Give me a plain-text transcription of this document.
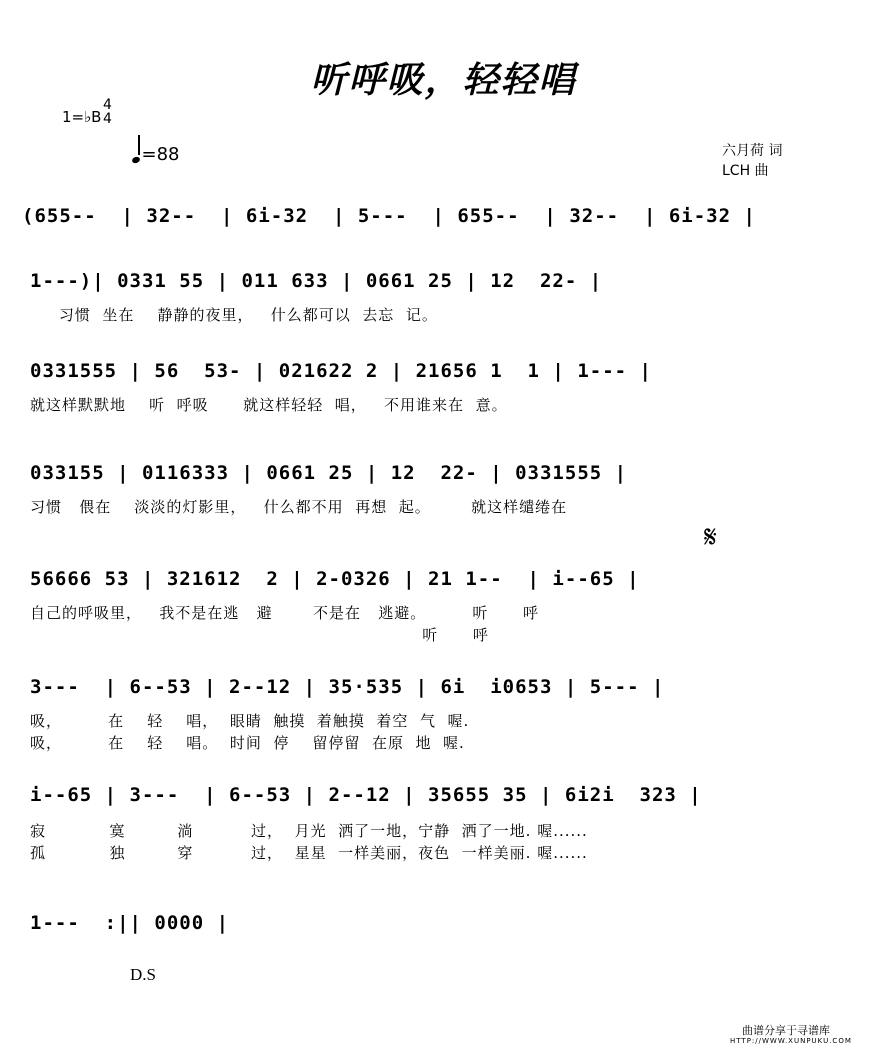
听呼吸，轻轻唱
1=♭B
4
4
=88	六月荷 词
LCH 曲
(655--  | 32--  | 6i-32  | 5---  | 655--  | 32--  | 6i-32 |
1---)| 0331 55 | 011 633 | 0661 25 | 12  22- |
习惯  坐在    静静的夜里，   什么都可以  去忘  记。
0331555 | 56  53- | 021622 2 | 21656 1  1 | 1--- |
就这样默默地    听  呼吸      就这样轻轻  唱，   不用谁来在  意。
033155 | 0116333 | 0661 25 | 12  22- | 0331555 |
习惯   偎在    淡淡的灯影里，   什么都不用  再想  起。       就这样缱绻在
𝄋
56666 53 | 321612  2 | 2-0326 | 21 1--  | i--65 |
自己的呼吸里，   我不是在逃   避       不是在   逃避。        听      呼
听      呼
3---  | 6--53 | 2--12 | 35·535 | 6i  i0653 | 5--- |
吸，        在    轻    唱，  眼睛  触摸  着触摸  着空  气  喔.
吸，        在    轻    唱。  时间  停    留停留  在原  地  喔.
i--65 | 3---  | 6--53 | 2--12 | 35655 35 | 6i2i  323 |
寂           寞         淌          过，  月光  洒了一地，宁静  洒了一地. 喔......
孤           独         穿          过，  星星  一样美丽，夜色  一样美丽. 喔......
1---  :|| 0000 |
D.S
曲谱分享于寻谱库
HTTP://WWW.XUNPUKU.COM
